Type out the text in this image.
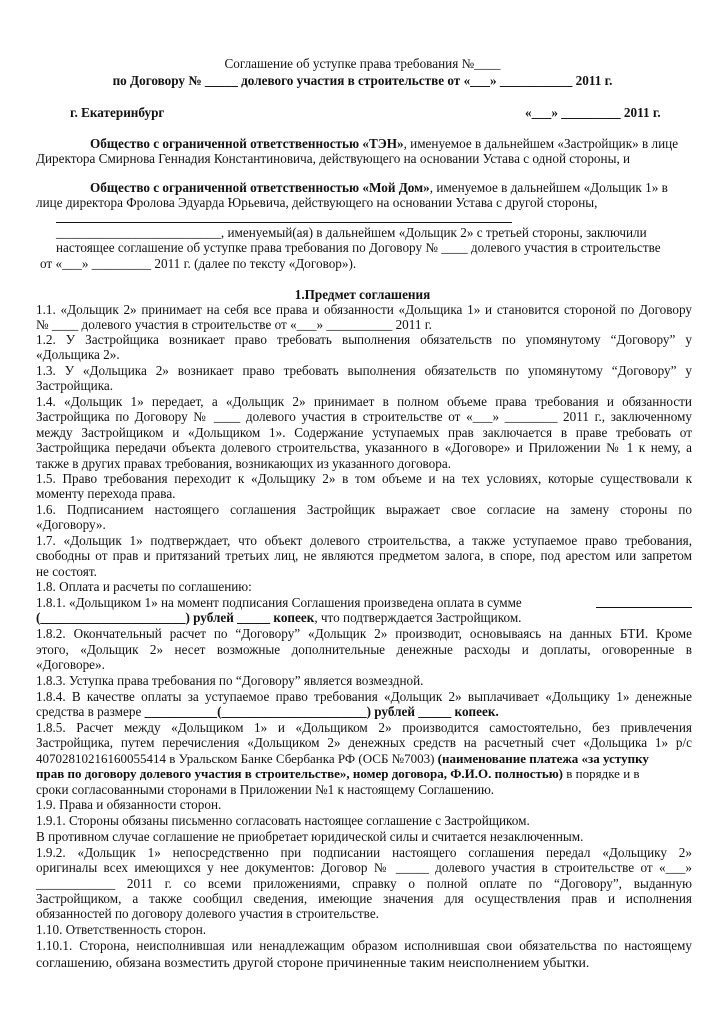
Соглашение об уступке права требования №____
по Договору № _____ долевого участия в строительстве от «___» ___________ 2011 г.
г. Екатеринбург	«___» _________ 2011 г.
Общество с ограниченной ответственностью «ТЭН», именуемое в дальнейшем «Застройщик» в лице
Директора Смирнова Геннадия Константиновича, действующего на основании Устава с одной стороны, и
Общество с ограниченной ответственностью «Мой Дом», именуемое в дальнейшем «Дольщик 1» в
лице директора Фролова Эдуарда Юрьевича, действующего на основании Устава с другой стороны,
_________________________, именуемый(ая) в дальнейшем «Дольщик 2» с третьей стороны, заключили
настоящее соглашение об уступке права требования по Договору № ____ долевого участия в строительстве
от «___» _________ 2011 г. (далее по тексту «Договор»).
1.Предмет соглашения
1.1. «Дольщик 2» принимает на себя все права и обязанности «Дольщика 1» и становится стороной по Договору
№ ____ долевого участия в строительстве от «___» __________ 2011 г.
1.2. У Застройщика возникает право требовать выполнения обязательств по упомянутому “Договору” у
«Дольщика 2».
1.3. У «Дольщика 2» возникает право требовать выполнения обязательств по упомянутому “Договору” у
Застройщика.
1.4. «Дольщик 1» передает, а «Дольщик 2» принимает в полном объеме права требования и обязанности
Застройщика по Договору № ____ долевого участия в строительстве от «___» ________ 2011 г., заключенному
между Застройщиком и «Дольщиком 1». Содержание уступаемых прав заключается в праве требовать от
Застройщика передачи объекта долевого строительства, указанного в «Договоре» и Приложении № 1 к нему, а
также в других правах требования, возникающих из указанного договора.
1.5. Право требования переходит к «Дольщику 2» в том объеме и на тех условиях, которые существовали к
моменту перехода права.
1.6. Подписанием настоящего соглашения Застройщик выражает свое согласие на замену стороны по
«Договору».
1.7. «Дольщик 1» подтверждает, что объект долевого строительства, а также уступаемое право требования,
свободны от прав и притязаний третьих лиц, не являются предметом залога, в споре, под арестом или запретом
не состоят.
1.8. Оплата и расчеты по соглашению:
1.8.1. «Дольщиком 1» на момент подписания Соглашения произведена оплата в сумме
(______________________) рублей _____ копеек, что подтверждается Застройщиком.
1.8.2. Окончательный расчет по “Договору” «Дольщик 2» производит, основываясь на данных БТИ. Кроме
этого, «Дольщик 2» несет возможные дополнительные денежные расходы и доплаты, оговоренные в
«Договоре».
1.8.3. Уступка права требования по “Договору” является возмездной.
1.8.4. В качестве оплаты за уступаемое право требования «Дольщик 2» выплачивает «Дольщику 1» денежные
средства в размере ___________(______________________) рублей _____ копеек.
1.8.5. Расчет между «Дольщиком 1» и «Дольщиком 2» производится самостоятельно, без привлечения
Застройщика, путем перечисления «Дольщиком 2» денежных средств на расчетный счет «Дольщика 1» р/с
40702810216160055414 в Уральском Банке Сбербанка РФ (ОСБ №7003) (наименование платежа «за уступку
прав по договору долевого участия в строительстве», номер договора, Ф.И.О. полностью) в порядке и в
сроки согласованными сторонами в Приложении №1 к настоящему Соглашению.
1.9. Права и обязанности сторон.
1.9.1. Стороны обязаны письменно согласовать настоящее соглашение с Застройщиком.
В противном случае соглашение не приобретает юридической силы и считается незаключенным.
1.9.2. «Дольщик 1» непосредственно при подписании настоящего соглашения передал «Дольщику 2»
оригиналы всех имеющихся у нее документов: Договор № _____ долевого участия в строительстве от «___»
____________ 2011 г. со всеми приложениями, справку о полной оплате по “Договору”, выданную
Застройщиком, а также сообщил сведения, имеющие значения для осуществления прав и исполнения
обязанностей по договору долевого участия в строительстве.
1.10. Ответственность сторон.
1.10.1. Сторона, неисполнившая или ненадлежащим образом исполнившая свои обязательства по настоящему
соглашению, обязана возместить другой стороне причиненные таким неисполнением убытки.
